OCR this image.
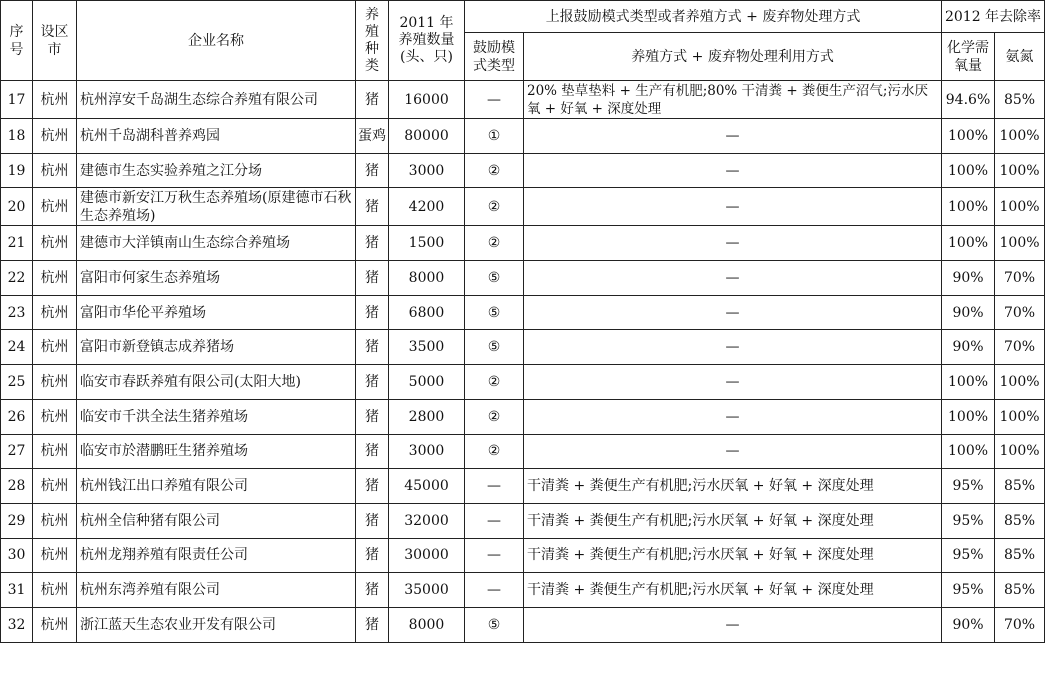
序号	设区市	企业名称	养殖种类	2011 年养殖数量(头、只)	上报鼓励模式类型或者养殖方式 + 废弃物处理方式		2012 年去除率	
					鼓励模式类型	养殖方式 + 废弃物处理利用方式	化学需氧量	氨氮
17	杭州	杭州淳安千岛湖生态综合养殖有限公司	猪	16000	—	20% 垫草垫料 + 生产有机肥;80% 干清粪 + 粪便生产沼气;污水厌氧 + 好氧 + 深度处理	94.6%	85%
18	杭州	杭州千岛湖科普养鸡园	蛋鸡	80000	①	—	100%	100%
19	杭州	建德市生态实验养殖之江分场	猪	3000	②	—	100%	100%
20	杭州	建德市新安江万秋生态养殖场(原建德市石秋生态养殖场)	猪	4200	②	—	100%	100%
21	杭州	建德市大洋镇南山生态综合养殖场	猪	1500	②	—	100%	100%
22	杭州	富阳市何家生态养殖场	猪	8000	⑤	—	90%	70%
23	杭州	富阳市华伦平养殖场	猪	6800	⑤	—	90%	70%
24	杭州	富阳市新登镇志成养猪场	猪	3500	⑤	—	90%	70%
25	杭州	临安市春跃养殖有限公司(太阳大地)	猪	5000	②	—	100%	100%
26	杭州	临安市千洪全法生猪养殖场	猪	2800	②	—	100%	100%
27	杭州	临安市於潜鹏旺生猪养殖场	猪	3000	②	—	100%	100%
28	杭州	杭州钱江出口养殖有限公司	猪	45000	—	干清粪 + 粪便生产有机肥;污水厌氧 + 好氧 + 深度处理	95%	85%
29	杭州	杭州全信种猪有限公司	猪	32000	—	干清粪 + 粪便生产有机肥;污水厌氧 + 好氧 + 深度处理	95%	85%
30	杭州	杭州龙翔养殖有限责任公司	猪	30000	—	干清粪 + 粪便生产有机肥;污水厌氧 + 好氧 + 深度处理	95%	85%
31	杭州	杭州东湾养殖有限公司	猪	35000	—	干清粪 + 粪便生产有机肥;污水厌氧 + 好氧 + 深度处理	95%	85%
32	杭州	浙江蓝天生态农业开发有限公司	猪	8000	⑤	—	90%	70%
